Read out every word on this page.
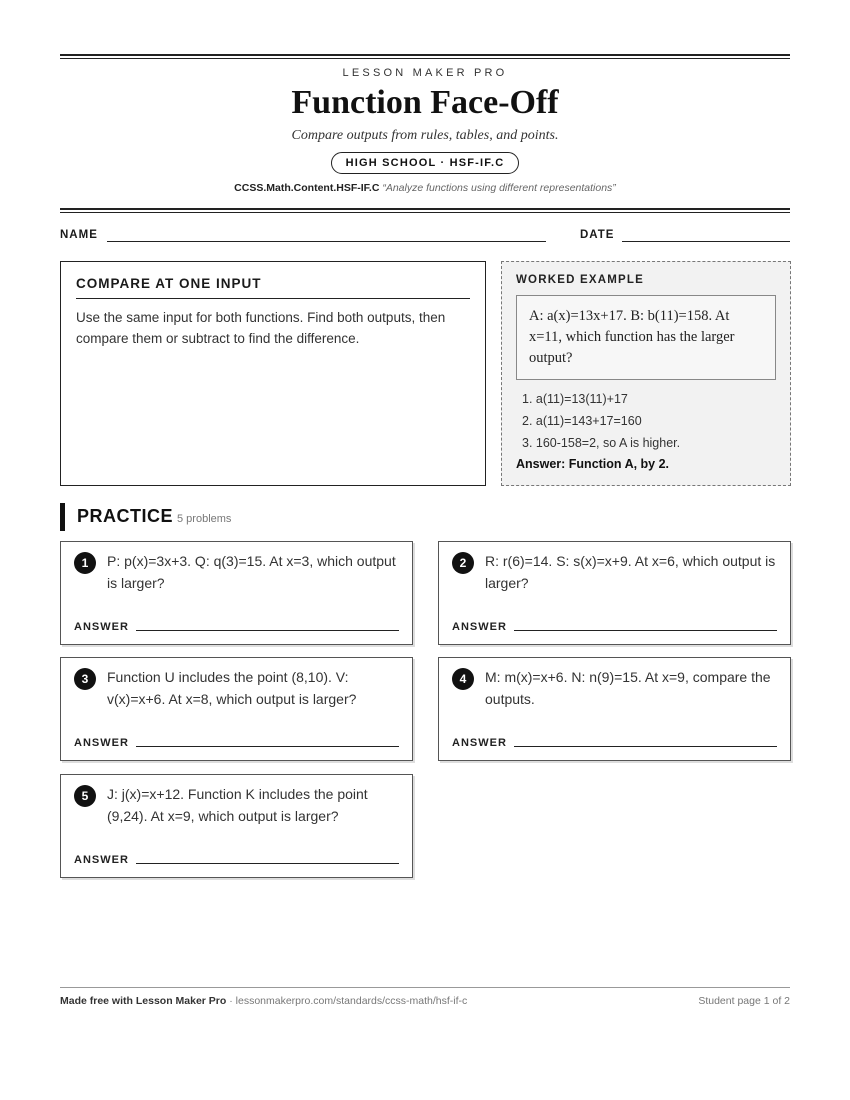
LESSON MAKER PRO
Function Face-Off
Compare outputs from rules, tables, and points.
HIGH SCHOOL · HSF-IF.C
CCSS.Math.Content.HSF-IF.C “Analyze functions using different representations”
NAME	DATE
COMPARE AT ONE INPUT
Use the same input for both functions. Find both outputs, then compare them or subtract to find the difference.
WORKED EXAMPLE
A: a(x)=13x+17. B: b(11)=158. At x=11, which function has the larger output?
1. a(11)=13(11)+17
2. a(11)=143+17=160
3. 160-158=2, so A is higher.
Answer: Function A, by 2.
PRACTICE 5 problems
1	P: p(x)=3x+3. Q: q(3)=15. At x=3, which output is larger?
ANSWER
2	R: r(6)=14. S: s(x)=x+9. At x=6, which output is larger?
ANSWER
3	Function U includes the point (8,10). V: v(x)=x+6. At x=8, which output is larger?
ANSWER
4	M: m(x)=x+6. N: n(9)=15. At x=9, compare the outputs.
ANSWER
5	J: j(x)=x+12. Function K includes the point (9,24). At x=9, which output is larger?
ANSWER
Made free with Lesson Maker Pro · lessonmakerpro.com/standards/ccss-math/hsf-if-c	Student page 1 of 2
